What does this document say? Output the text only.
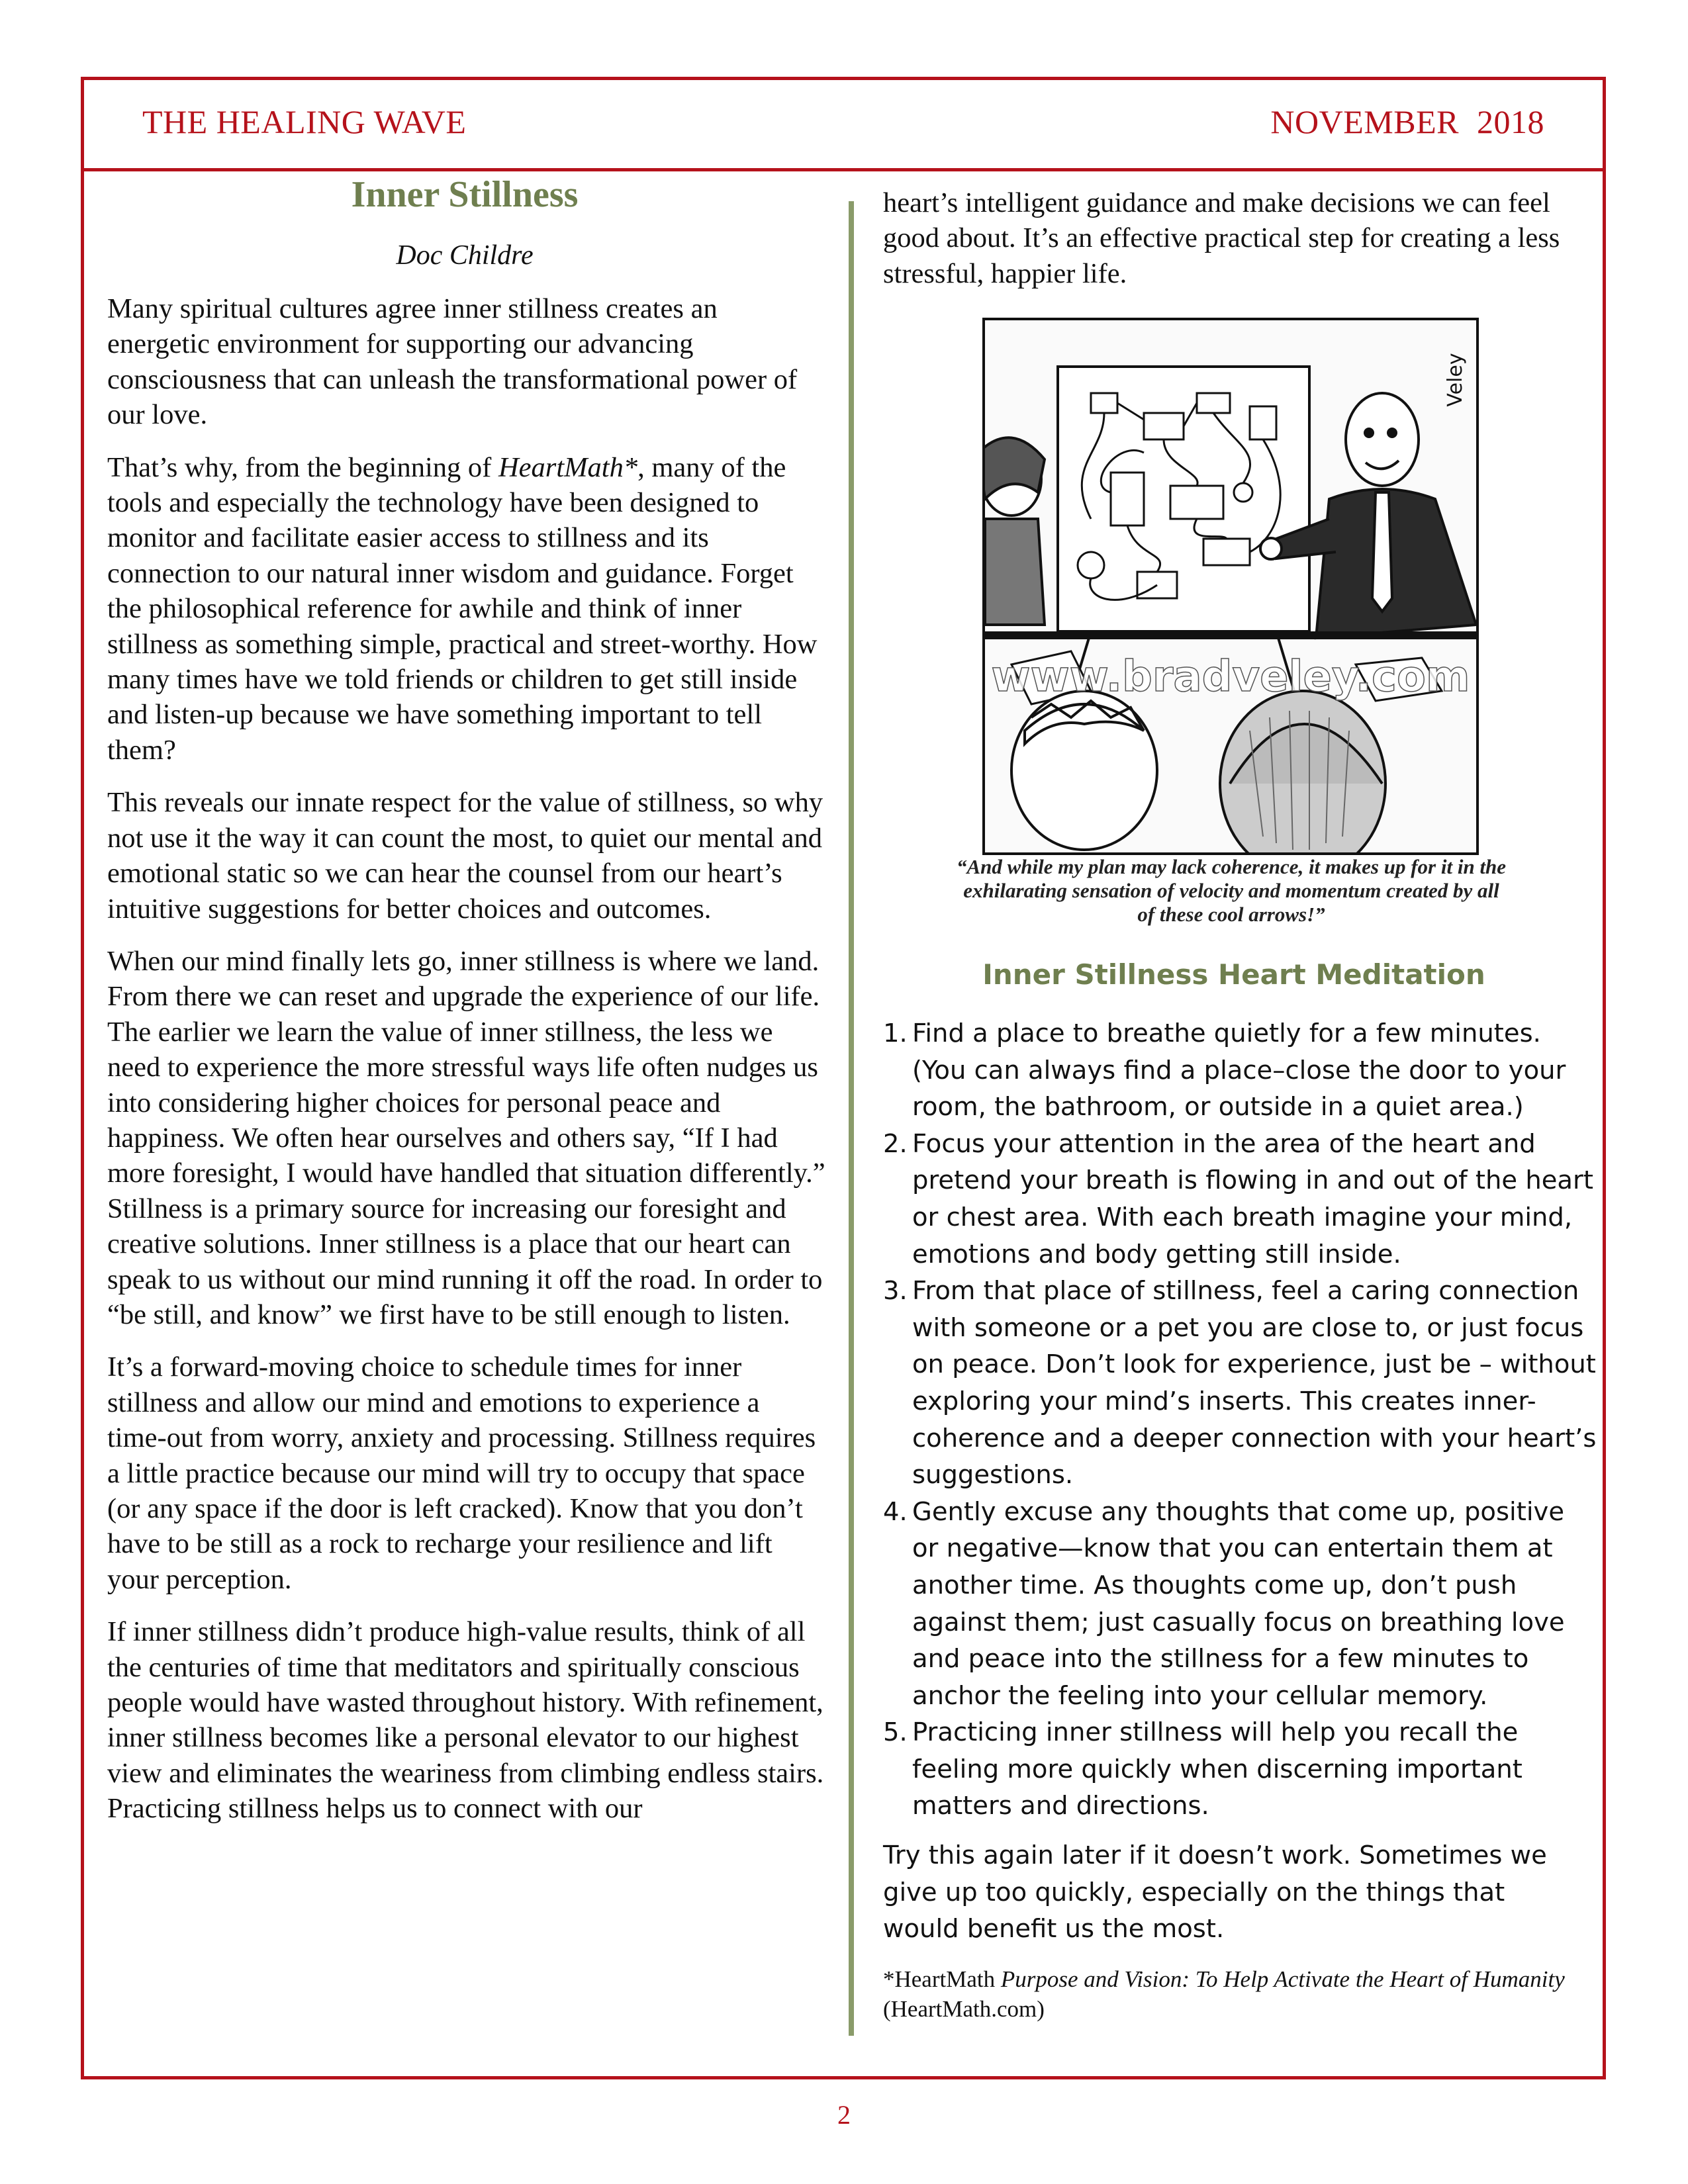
THE HEALING WAVE	NOVEMBER 2018
Inner Stillness
Doc Childre

Many spiritual cultures agree inner stillness creates an energetic environment for supporting our advancing consciousness that can unleash the transformational power of our love.

That’s why, from the beginning of HeartMath*, many of the tools and especially the technology have been designed to monitor and facilitate easier access to stillness and its connection to our natural inner wisdom and guidance. Forget the philosophical reference for awhile and think of inner stillness as something simple, practical and street-worthy. How many times have we told friends or children to get still inside and listen-up because we have something important to tell them?

This reveals our innate respect for the value of stillness, so why not use it the way it can count the most, to quiet our mental and emotional static so we can hear the counsel from our heart’s intuitive suggestions for better choices and outcomes.

When our mind finally lets go, inner stillness is where we land. From there we can reset and upgrade the experience of our life. The earlier we learn the value of inner stillness, the less we need to experience the more stressful ways life often nudges us into considering higher choices for personal peace and happiness. We often hear ourselves and others say, “If I had more foresight, I would have handled that situation differently.” Stillness is a primary source for increasing our foresight and creative solutions. Inner stillness is a place that our heart can speak to us without our mind running it off the road. In order to “be still, and know” we first have to be still enough to listen.

It’s a forward-moving choice to schedule times for inner stillness and allow our mind and emotions to experience a time-out from worry, anxiety and processing. Stillness requires a little practice because our mind will try to occupy that space (or any space if the door is left cracked). Know that you don’t have to be still as a rock to recharge your resilience and lift your perception.

If inner stillness didn’t produce high-value results, think of all the centuries of time that meditators and spiritually conscious people would have wasted throughout history. With refinement, inner stillness becomes like a personal elevator to our highest view and eliminates the weariness from climbing endless stairs. Practicing stillness helps us to connect with our

heart’s intelligent guidance and make decisions we can feel good about. It’s an effective practical step for creating a less stressful, happier life.
www.bradveley.com
Veley
“And while my plan may lack coherence, it makes up for it in the exhilarating sensation of velocity and momentum created by all of these cool arrows!”
Inner Stillness Heart Meditation
1. Find a place to breathe quietly for a few minutes. (You can always find a place–close the door to your room, the bathroom, or outside in a quiet area.)
2. Focus your attention in the area of the heart and pretend your breath is flowing in and out of the heart or chest area. With each breath imagine your mind, emotions and body getting still inside.
3. From that place of stillness, feel a caring connection with someone or a pet you are close to, or just focus on peace. Don’t look for experience, just be – without exploring your mind’s inserts. This creates inner-coherence and a deeper connection with your heart’s suggestions.
4. Gently excuse any thoughts that come up, positive or negative—know that you can entertain them at another time. As thoughts come up, don’t push against them; just casually focus on breathing love and peace into the stillness for a few minutes to anchor the feeling into your cellular memory.
5. Practicing inner stillness will help you recall the feeling more quickly when discerning important matters and directions.
Try this again later if it doesn’t work. Sometimes we give up too quickly, especially on the things that would benefit us the most.
*HeartMath Purpose and Vision: To Help Activate the Heart of Humanity (HeartMath.com)
2
